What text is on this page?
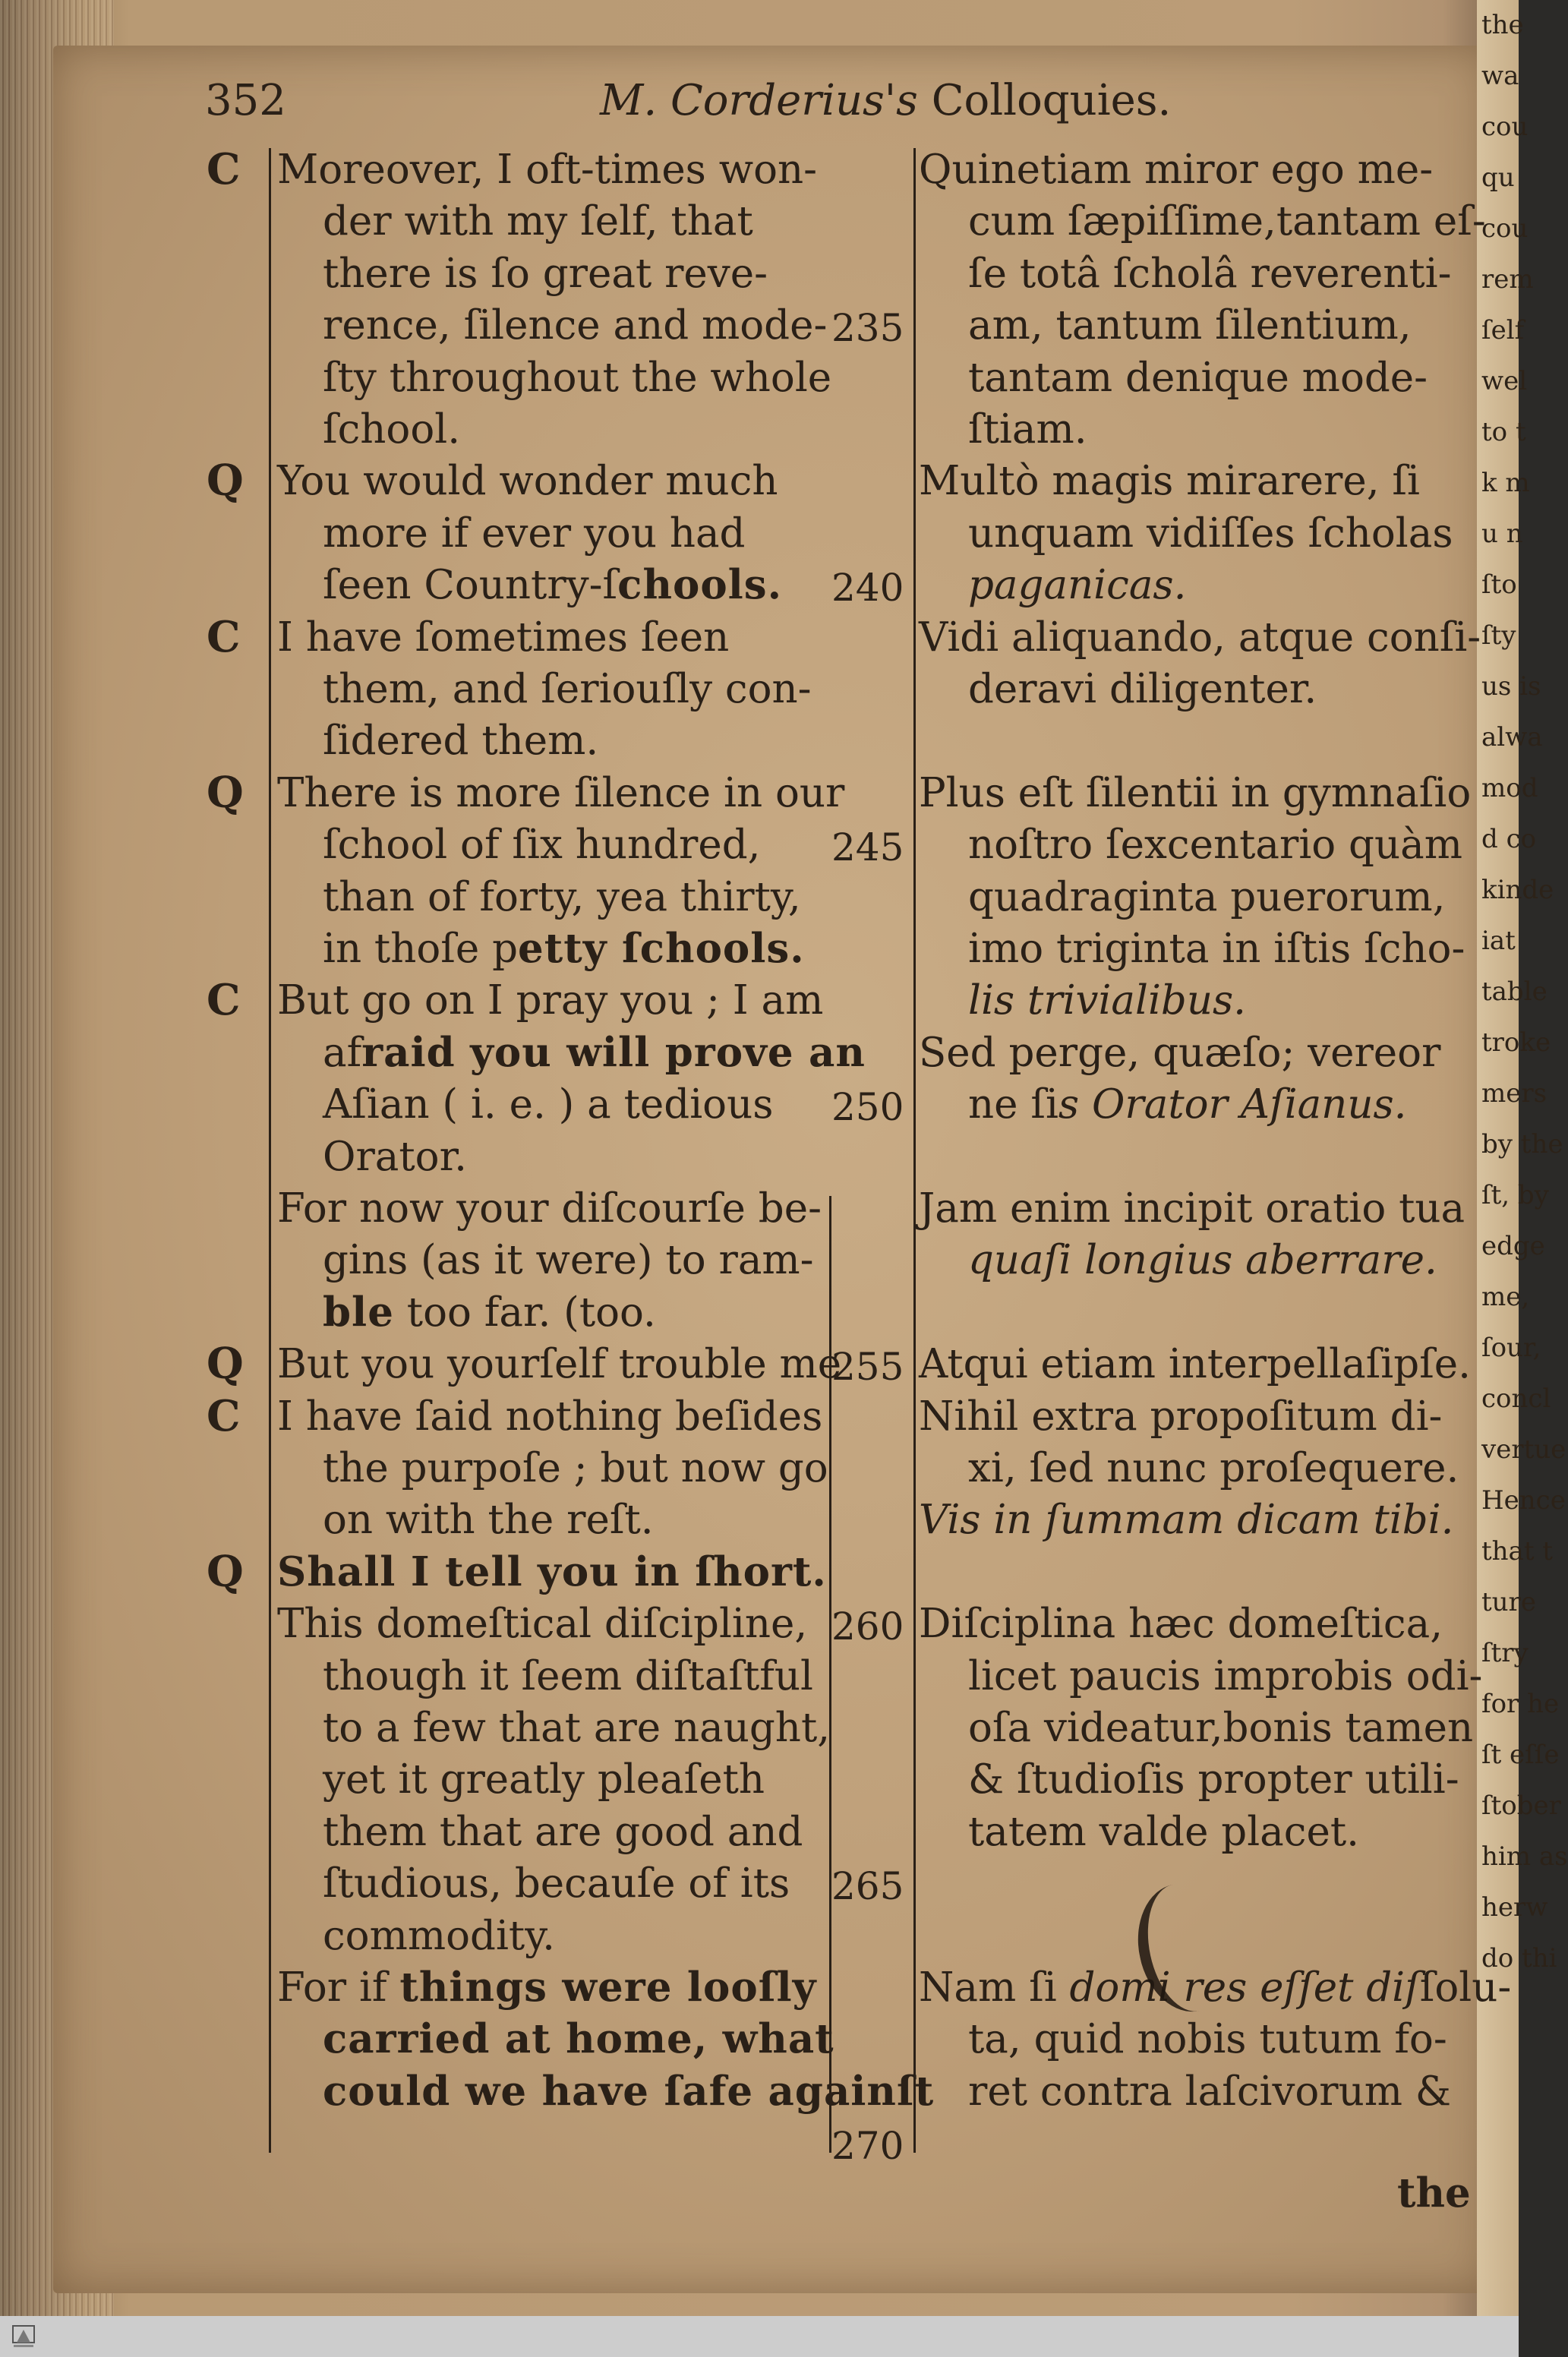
the
wa
cou
qu
cou
rem
ſelf
wel
to t
k m
u n
ſto
ſty
us is
alwa
mod
d co
kinde
iat
table
troke
mers
by the
ſt, by
edge
me,
ſour,
concl
vertue
Hence
that t
ture
ſtry
for he
ſt eſſe
ſtober
him as
herw
do thi
352	M. Corderius's Colloquies.
C Moreover, I oft-times won-
der with my ſelf, that
there is ſo great reve-
rence, ſilence and mode-
ſty throughout the whole
ſchool.
Q You would wonder much
more if ever you had
ſeen Country-ſchools.
C I have ſometimes ſeen
them, and ſeriouſly con-
ſidered them.
Q There is more ſilence in our
ſchool of ſix hundred,
than of forty, yea thirty,
in thoſe petty ſchools.
C But go on I pray you ; I am
afraid you will prove an
Aſian ( i. e. ) a tedious
Orator.
For now your diſcourſe be-
gins (as it were) to ram-
ble too far. (too.
Q But you yourſelf trouble me
C I have ſaid nothing beſides
the purpoſe ; but now go
on with the reſt.
Q Shall I tell you in ſhort.
This domeſtical diſcipline,
though it ſeem diſtaſtful
to a few that are naught,
yet it greatly pleaſeth
them that are good and
ſtudious, becauſe of its
commodity.
For if things were looſly
carried at home, what
could we have ſafe againſt
235
240
245
250
255
260
265
270
Quinetiam miror ego me-
cum ſæpiſſime,tantam eſ-
ſe totâ ſcholâ reverenti-
am, tantum ſilentium,
tantam denique mode-
ſtiam.
Multò magis mirarere, ſi
unquam vidiſſes ſcholas
paganicas.
Vidi aliquando, atque conſi-
deravi diligenter.
Plus eſt ſilentii in gymnaſio
noſtro ſexcentario quàm
quadraginta puerorum,
imo triginta in iſtis ſcho-
lis trivialibus.
Sed perge, quæſo; vereor
ne ſis Orator Aſianus.
Jam enim incipit oratio tua
quaſi longius aberrare.
Atqui etiam interpellaſipſe.
Nihil extra propoſitum di-
xi, ſed nunc proſequere.
Vis in ſummam dicam tibi.
Diſciplina hæc domeſtica,
licet paucis improbis odi-
oſa videatur,bonis tamen
& ſtudioſis propter utili-
tatem valde placet.
Nam ſi domi res eſſet diſſolu-
ta, quid nobis tutum fo-
ret contra laſcivorum &
the
